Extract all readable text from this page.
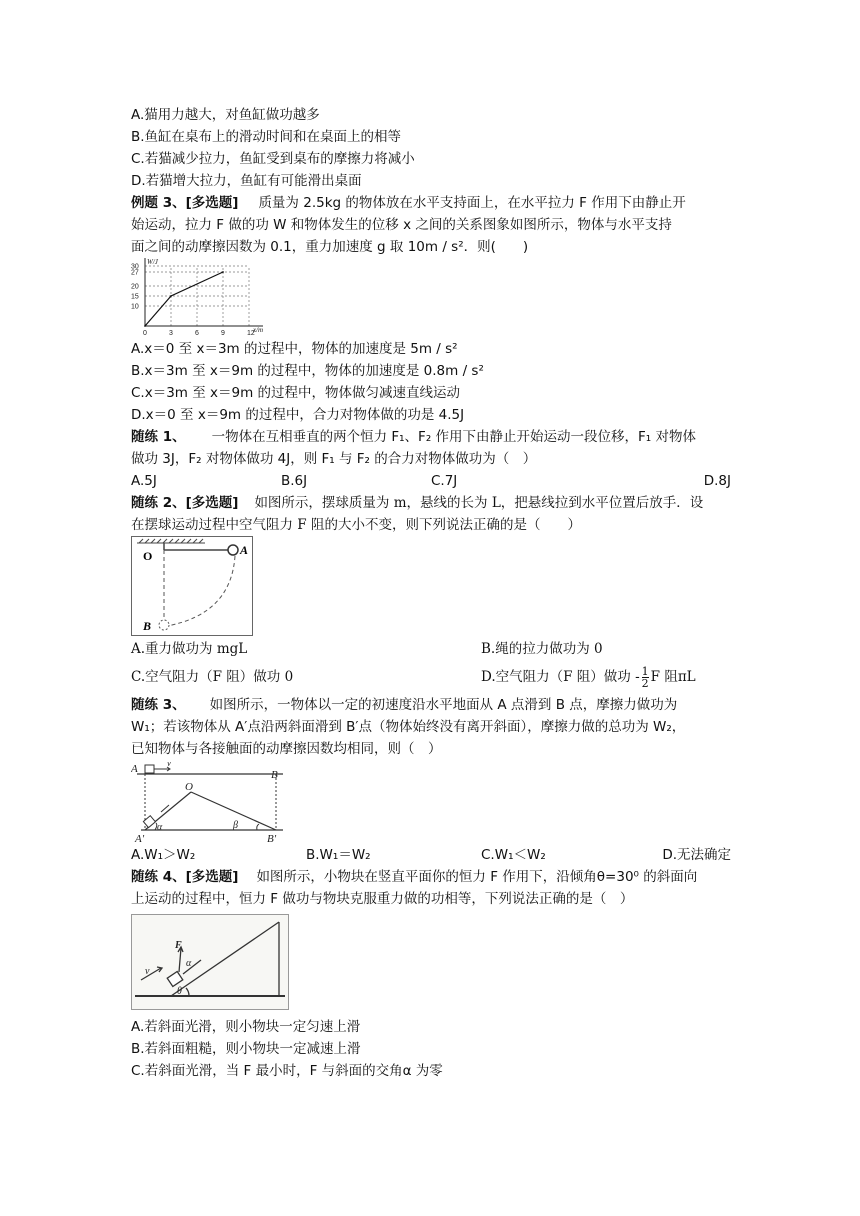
A.猫用力越大，对鱼缸做功越多
B.鱼缸在桌布上的滑动时间和在桌面上的相等
C.若猫减少拉力，鱼缸受到桌布的摩擦力将减小
D.若猫增大拉力，鱼缸有可能滑出桌面
例题 3、[多选题] 质量为 2.5kg 的物体放在水平支持面上，在水平拉力 F 作用下由静止开
始运动，拉力 F 做的功 W 和物体发生的位移 x 之间的关系图象如图所示，物体与水平支持
面之间的动摩擦因数为 0.1，重力加速度 g 取 10m / s²．则(　　)
0	3	6	9	12
10
15
20
27
30
W/J
x/m
A.x＝0 至 x＝3m 的过程中，物体的加速度是 5m / s²
B.x＝3m 至 x＝9m 的过程中，物体的加速度是 0.8m / s²
C.x＝3m 至 x＝9m 的过程中，物体做匀减速直线运动
D.x＝0 至 x＝9m 的过程中，合力对物体做的功是 4.5J
随练 1、 一物体在互相垂直的两个恒力 F₁、F₂ 作用下由静止开始运动一段位移，F₁ 对物体
做功 3J，F₂ 对物体做功 4J，则 F₁ 与 F₂ 的合力对物体做功为（　）
A.5J	B.6J	C.7J	D.8J
随练 2、[多选题] 如图所示，摆球质量为 m，悬线的长为 L，把悬线拉到水平位置后放手．设
在摆球运动过程中空气阻力 F 阻的大小不变，则下列说法正确的是（　　）
O	A
B
A.重力做功为 mgL	B.绳的拉力做功为 0
C.空气阻力（F 阻）做功 0	D.空气阻力（F 阻）做功 - $\frac{1}{2}$ F 阻πL
随练 3、 如图所示，一物体以一定的初速度沿水平地面从 A 点滑到 B 点，摩擦力做功为
W₁；若该物体从 A′点沿两斜面滑到 B′点（物体始终没有离开斜面），摩擦力做的总功为 W₂，
已知物体与各接触面的动摩擦因数均相同，则（　）
A	B
O
v
α	β
A′	B′
A.W₁＞W₂	B.W₁＝W₂	C.W₁＜W₂	D.无法确定
随练 4、[多选题] 如图所示，小物块在竖直平面你的恒力 F 作用下，沿倾角θ=30⁰ 的斜面向
上运动的过程中，恒力 F 做功与物块克服重力做的功相等，下列说法正确的是（　）
v
F
α
θ
A.若斜面光滑，则小物块一定匀速上滑
B.若斜面粗糙，则小物块一定减速上滑
C.若斜面光滑，当 F 最小时，F 与斜面的交角α 为零
